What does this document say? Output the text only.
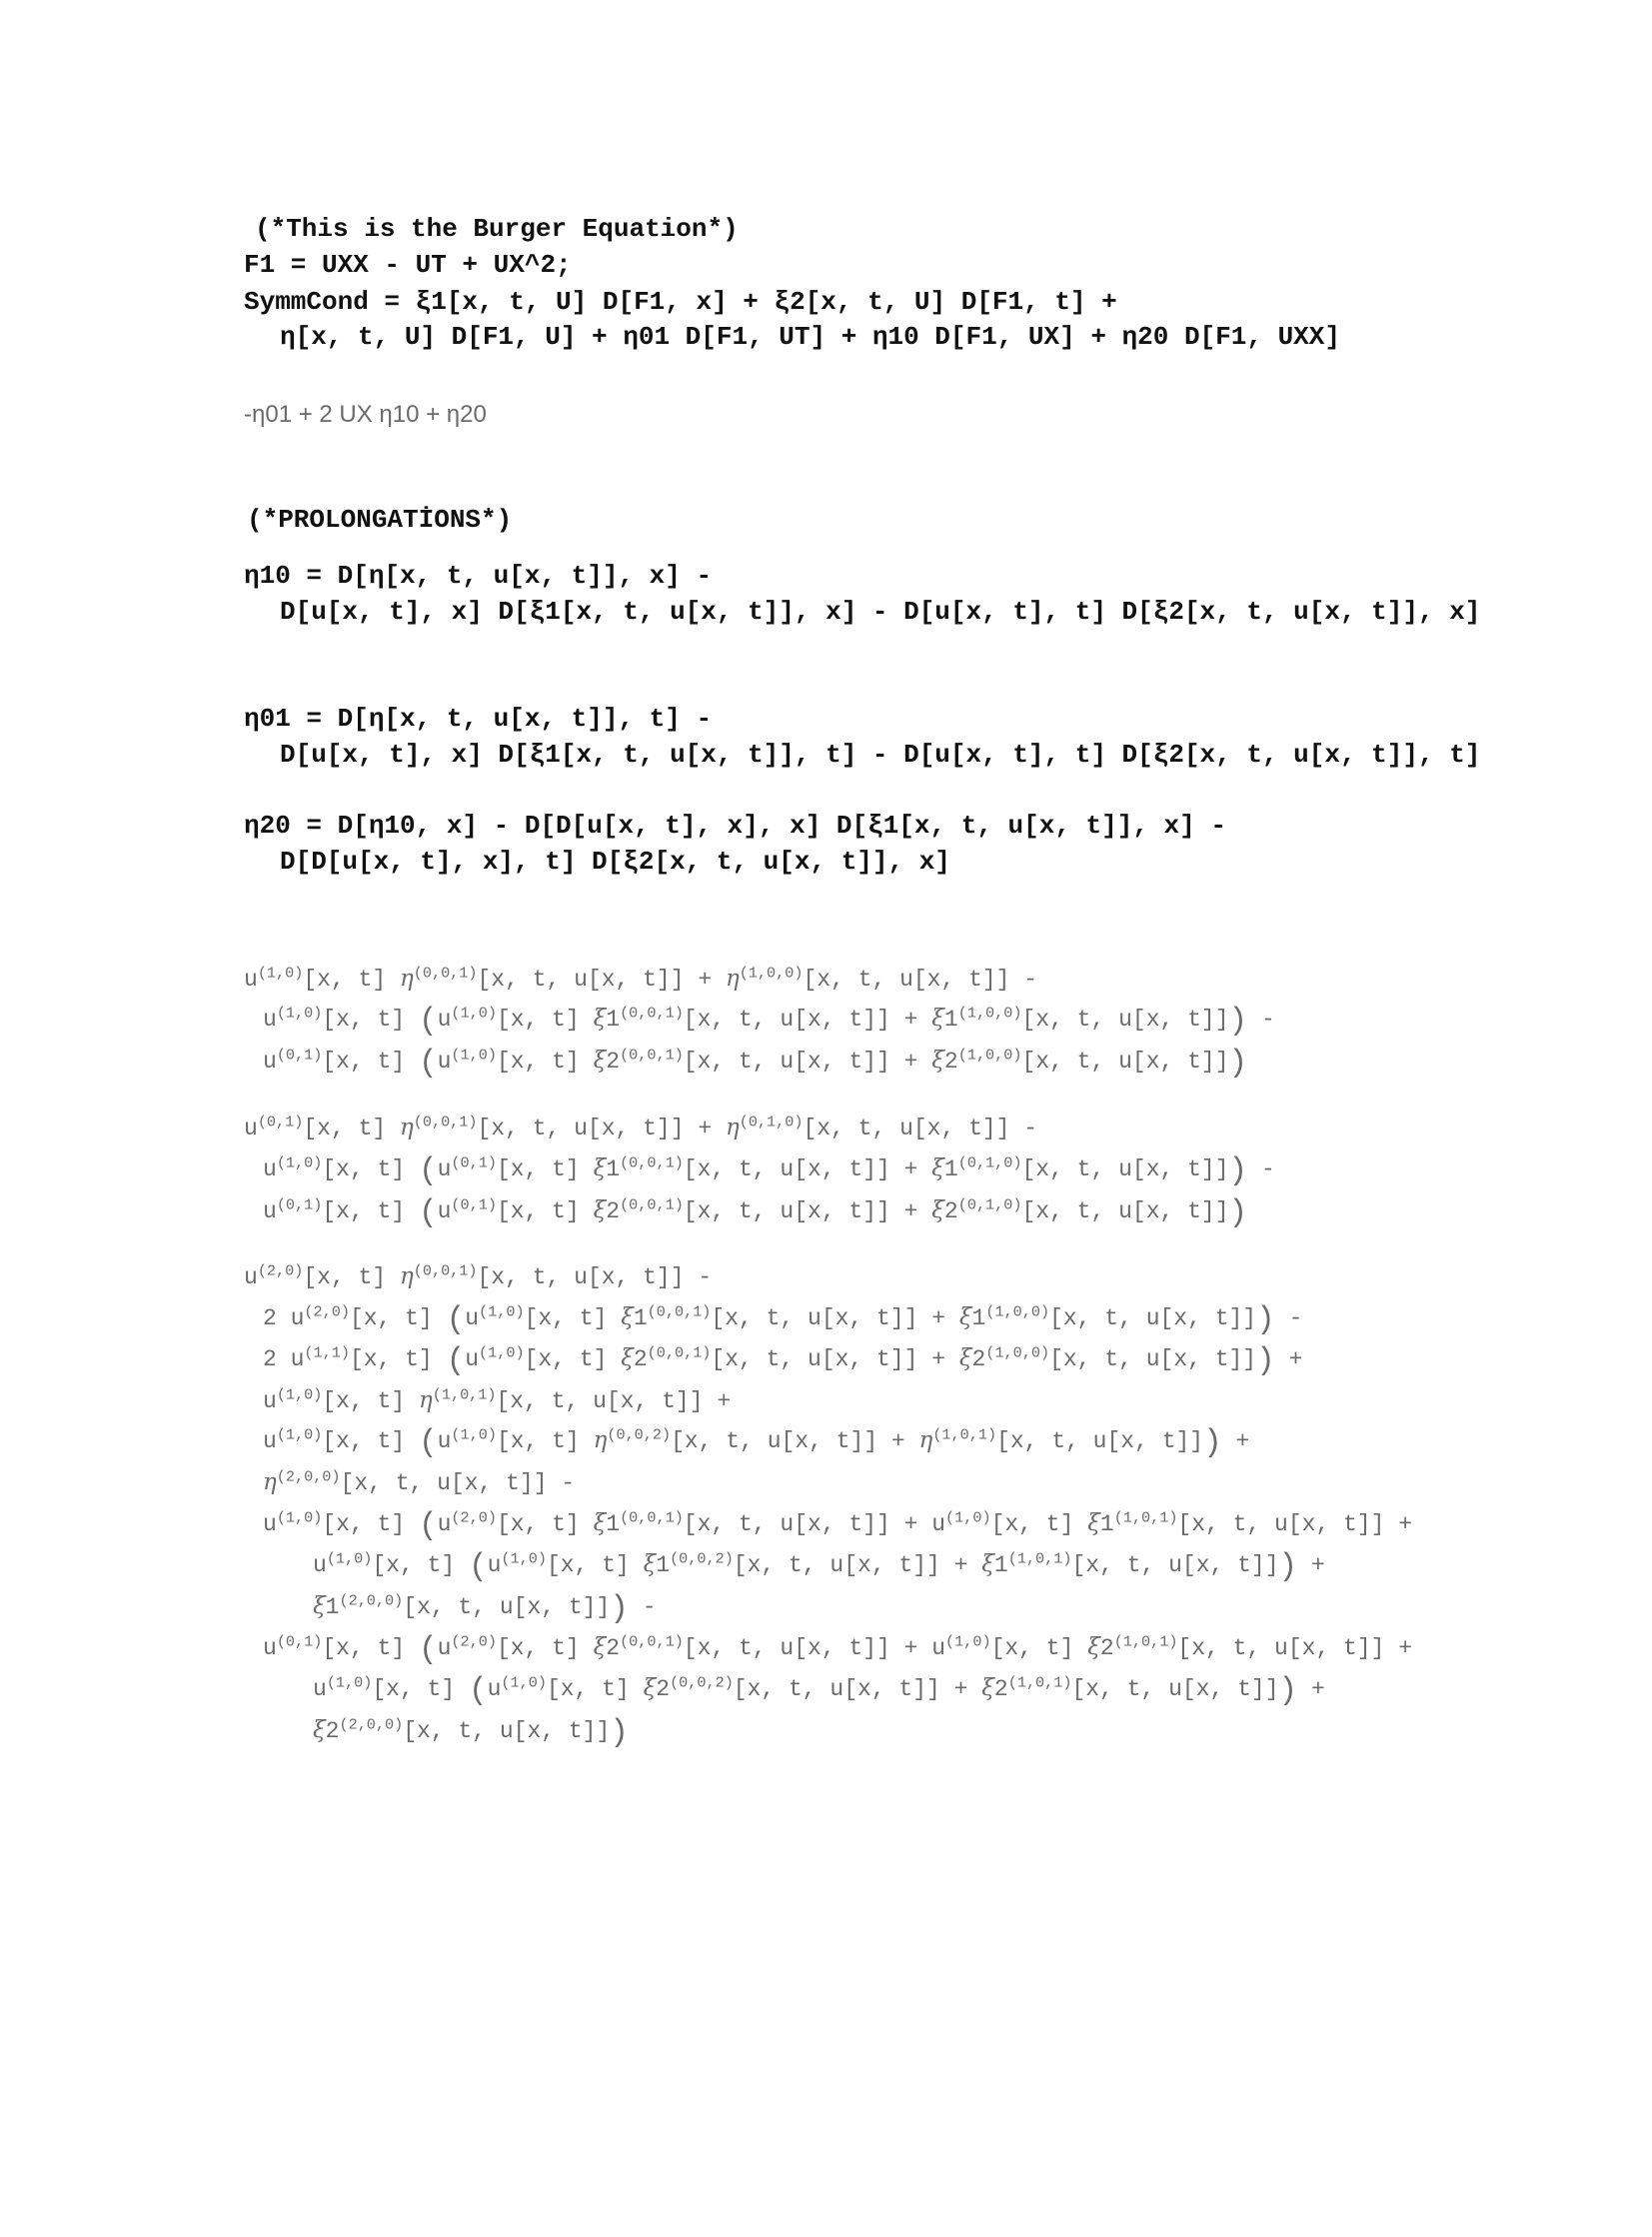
(*This is the Burger Equation*)
F1 = UXX - UT + UX^2;
SymmCond = ξ1[x, t, U] D[F1, x] + ξ2[x, t, U] D[F1, t] +
η[x, t, U] D[F1, U] + η01 D[F1, UT] + η10 D[F1, UX] + η20 D[F1, UXX]
-η01 + 2 UX η10 + η20
(*PROLONGATİONS*)
η10 = D[η[x, t, u[x, t]], x] -
D[u[x, t], x] D[ξ1[x, t, u[x, t]], x] - D[u[x, t], t] D[ξ2[x, t, u[x, t]], x]
η01 = D[η[x, t, u[x, t]], t] -
D[u[x, t], x] D[ξ1[x, t, u[x, t]], t] - D[u[x, t], t] D[ξ2[x, t, u[x, t]], t]
η20 = D[η10, x] - D[D[u[x, t], x], x] D[ξ1[x, t, u[x, t]], x] -
D[D[u[x, t], x], t] D[ξ2[x, t, u[x, t]], x]
$u^{(1,0)}[x$, t] $\eta^{(0,0,1)}[x$, t, u[x, $t]] + \eta^{(1,0,0)}[x$, t, u[x, t]] -
$u^{(1,0)}[x$, t] ($u^{(1,0)}[x$, t] ξ1$^{(0,0,1)}$[x, t, u[x, $t]] + \xi 1^{(1,0,0)}[x$, t, u[x, t]]) -
$u^{(0,1)}[x$, t] ($u^{(1,0)}[x$, t] ξ2$^{(0,0,1)}$[x, t, u[x, $t]] + \xi 2^{(1,0,0)}[x$, t, u[x, t]])
$u^{(0,1)}[x$, t] $\eta^{(0,0,1)}[x$, t, u[x, $t]] + \eta^{(0,1,0)}[x$, t, u[x, t]] -
$u^{(1,0)}[x$, t] ($u^{(0,1)}[x$, t] ξ1$^{(0,0,1)}$[x, t, u[x, $t]] + \xi 1^{(0,1,0)}[x$, t, u[x, t]]) -
$u^{(0,1)}[x$, t] ($u^{(0,1)}[x$, t] ξ2$^{(0,0,1)}$[x, t, u[x, $t]] + \xi 2^{(0,1,0)}[x$, t, u[x, t]])
$u^{(2,0)}[x$, t] $\eta^{(0,0,1)}[x$, t, u[x, t]] -
2 $u^{(2,0)}[x$, t] ($u^{(1,0)}[x$, t] ξ1$^{(0,0,1)}$[x, t, u[x, $t]] + \xi 1^{(1,0,0)}[x$, t, u[x, t]]) -
2 $u^{(1,1)}[x$, t] ($u^{(1,0)}[x$, t] ξ2$^{(0,0,1)}$[x, t, u[x, $t]] + \xi 2^{(1,0,0)}[x$, t, u[x, t]]) +
$u^{(1,0)}[x$, t] $\eta^{(1,0,1)}[x$, t, u[x, t]] +
$u^{(1,0)}[x$, t] ($u^{(1,0)}[x$, t] $\eta^{(0,0,2)}[x$, t, u[x, $t]] + \eta^{(1,0,1)}[x$, t, u[x, t]]) +
$\eta^{(2,0,0)}[x$, t, u[x, t]] -
$u^{(1,0)}[x$, t] ($u^{(2,0)}[x$, t] ξ1$^{(0,0,1)}$[x, t, u[x, $t]] + u^{(1,0)}[x$, t] ξ1$^{(1,0,1)}$[x, t, u[x, t]] +
$u^{(1,0)}[x$, t] ($u^{(1,0)}[x$, t] ξ1$^{(0,0,2)}$[x, t, u[x, $t]] + \xi 1^{(1,0,1)}[x$, t, u[x, t]]) +
$\xi 1^{(2,0,0)}[x$, t, u[x, t]]) -
$u^{(0,1)}[x$, t] ($u^{(2,0)}[x$, t] ξ2$^{(0,0,1)}$[x, t, u[x, $t]] + u^{(1,0)}[x$, t] ξ2$^{(1,0,1)}$[x, t, u[x, t]] +
$u^{(1,0)}[x$, t] ($u^{(1,0)}[x$, t] ξ2$^{(0,0,2)}$[x, t, u[x, $t]] + \xi 2^{(1,0,1)}[x$, t, u[x, t]]) +
$\xi 2^{(2,0,0)}[x$, t, u[x, t]])
